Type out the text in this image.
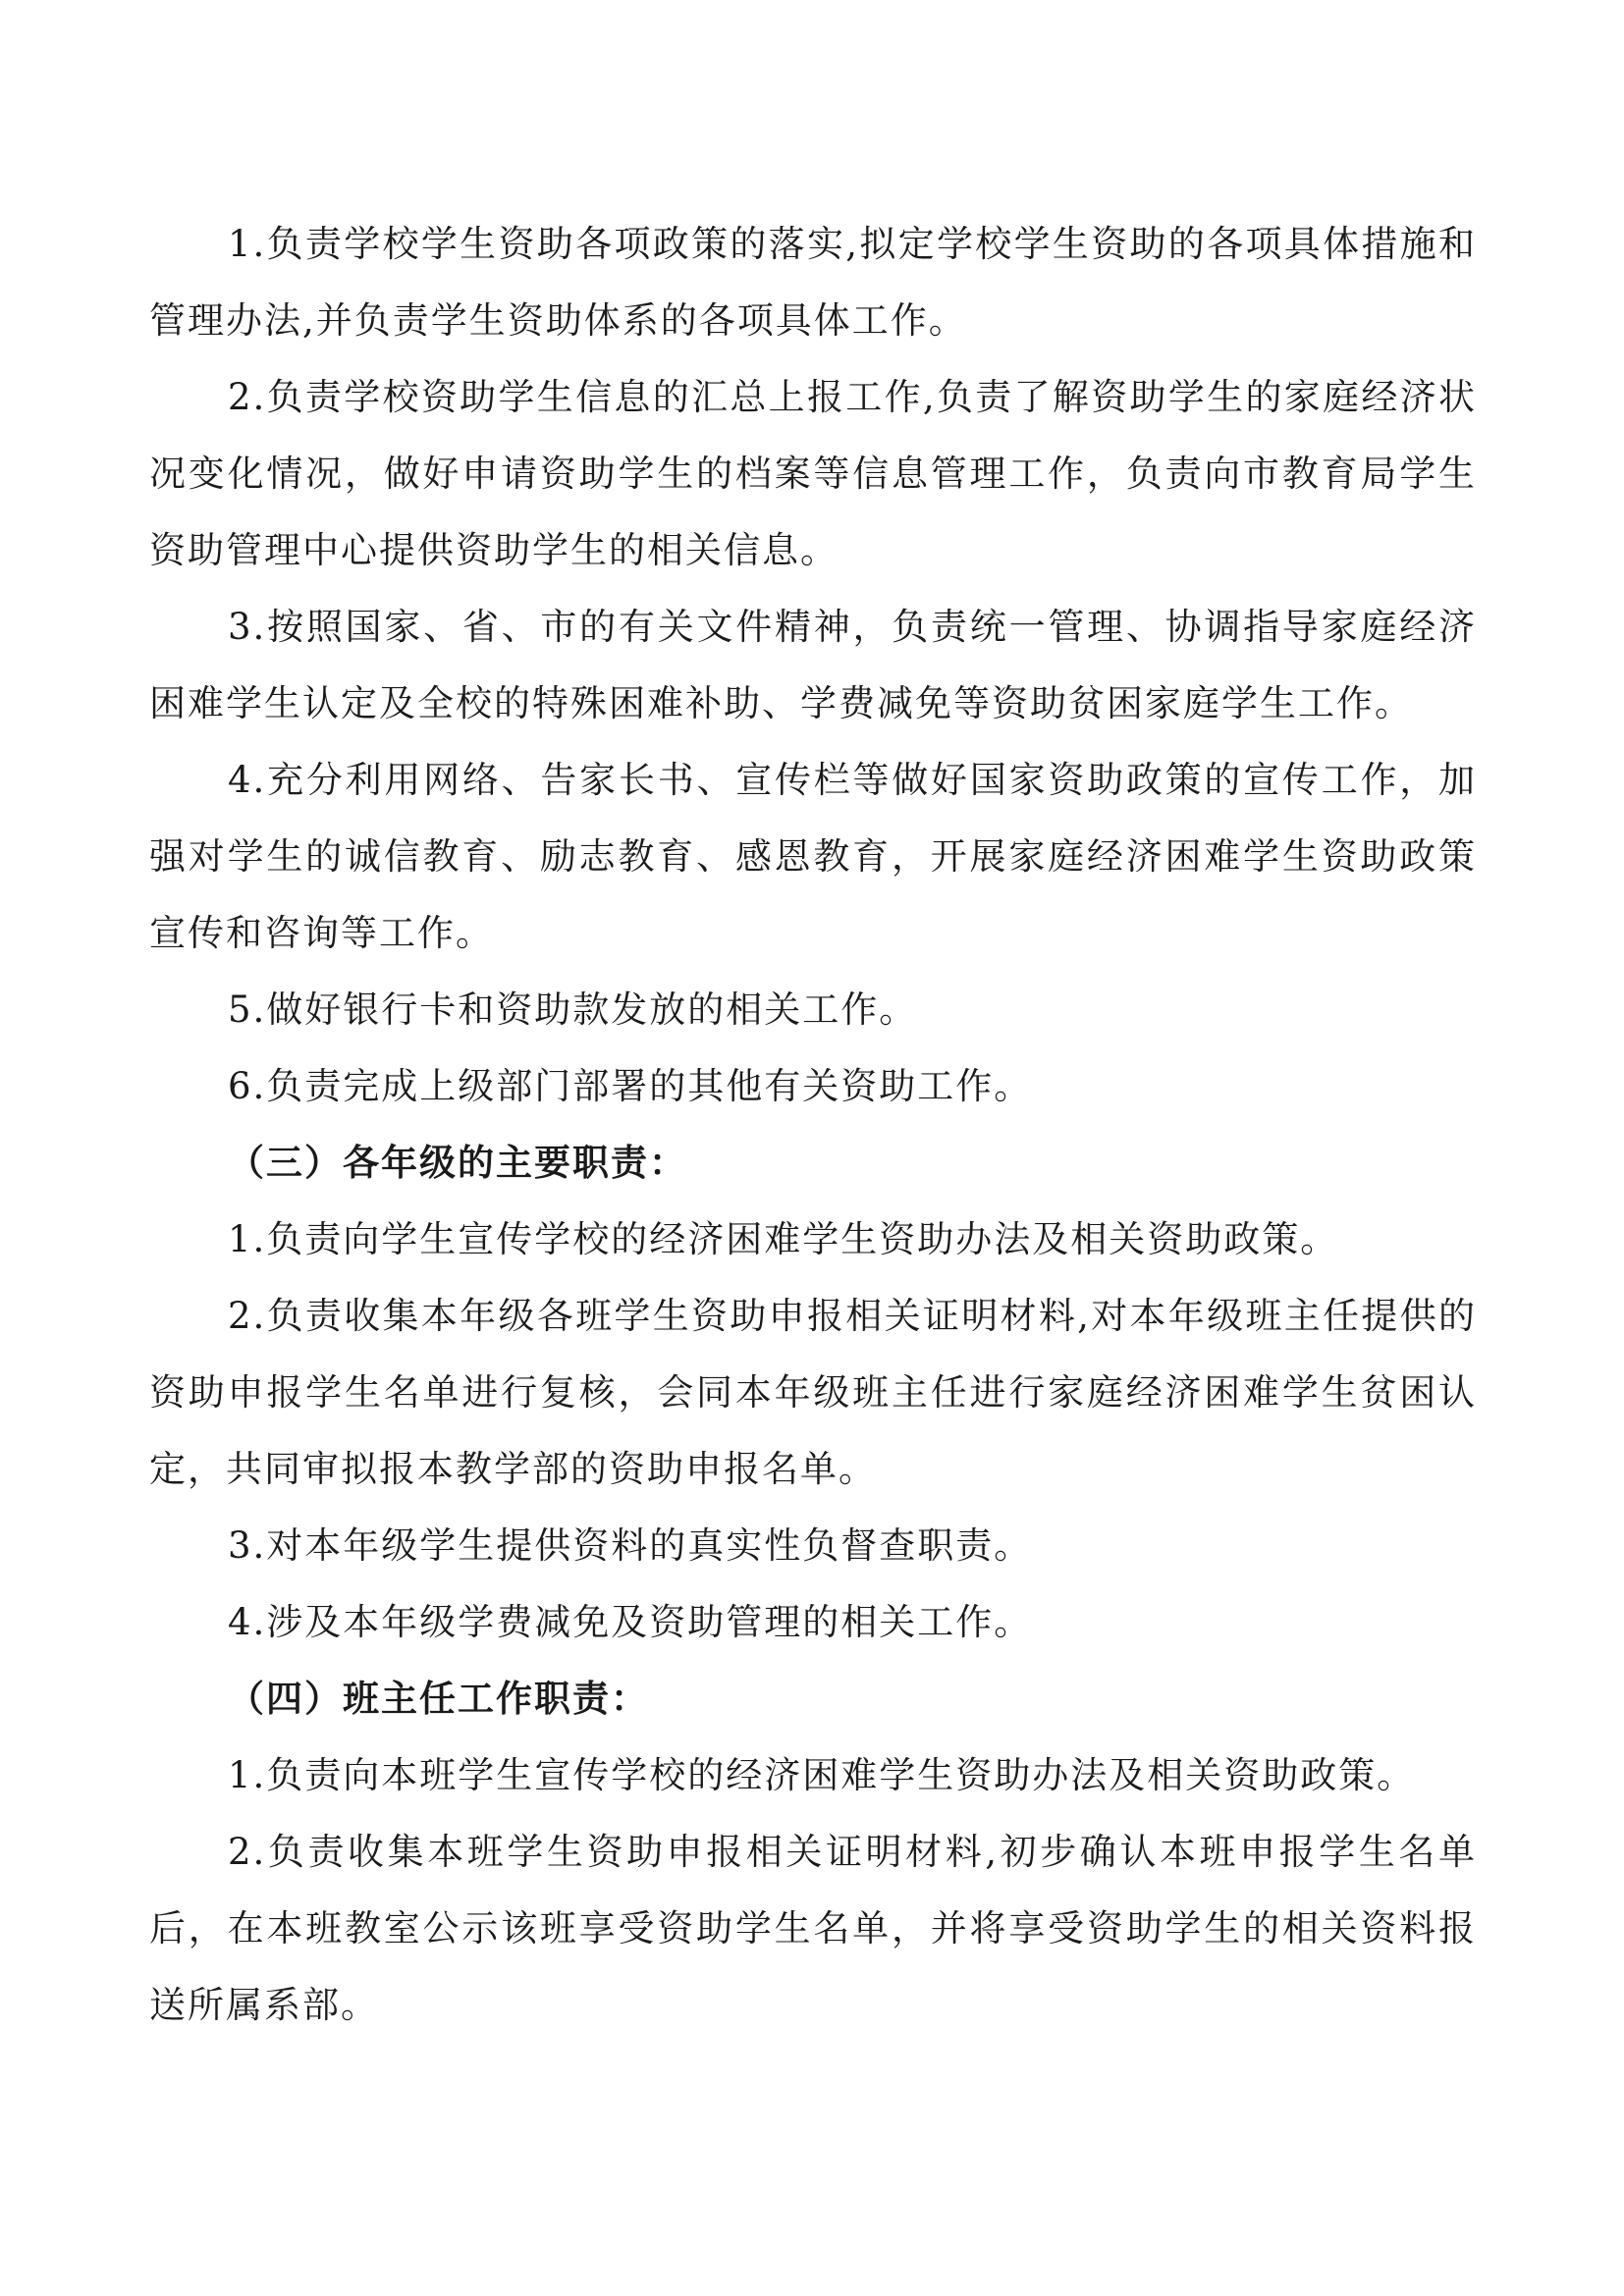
1.负责学校学生资助各项政策的落实,拟定学校学生资助的各项具体措施和管理办法,并负责学生资助体系的各项具体工作。

2.负责学校资助学生信息的汇总上报工作,负责了解资助学生的家庭经济状况变化情况，做好申请资助学生的档案等信息管理工作，负责向市教育局学生资助管理中心提供资助学生的相关信息。

3.按照国家、省、市的有关文件精神，负责统一管理、协调指导家庭经济困难学生认定及全校的特殊困难补助、学费减免等资助贫困家庭学生工作。

4.充分利用网络、告家长书、宣传栏等做好国家资助政策的宣传工作，加强对学生的诚信教育、励志教育、感恩教育，开展家庭经济困难学生资助政策宣传和咨询等工作。

5.做好银行卡和资助款发放的相关工作。

6.负责完成上级部门部署的其他有关资助工作。

（三）各年级的主要职责：

1.负责向学生宣传学校的经济困难学生资助办法及相关资助政策。

2.负责收集本年级各班学生资助申报相关证明材料,对本年级班主任提供的资助申报学生名单进行复核，会同本年级班主任进行家庭经济困难学生贫困认定，共同审拟报本教学部的资助申报名单。

3.对本年级学生提供资料的真实性负督查职责。

4.涉及本年级学费减免及资助管理的相关工作。

（四）班主任工作职责：

1.负责向本班学生宣传学校的经济困难学生资助办法及相关资助政策。

2.负责收集本班学生资助申报相关证明材料,初步确认本班申报学生名单后，在本班教室公示该班享受资助学生名单，并将享受资助学生的相关资料报送所属系部。
